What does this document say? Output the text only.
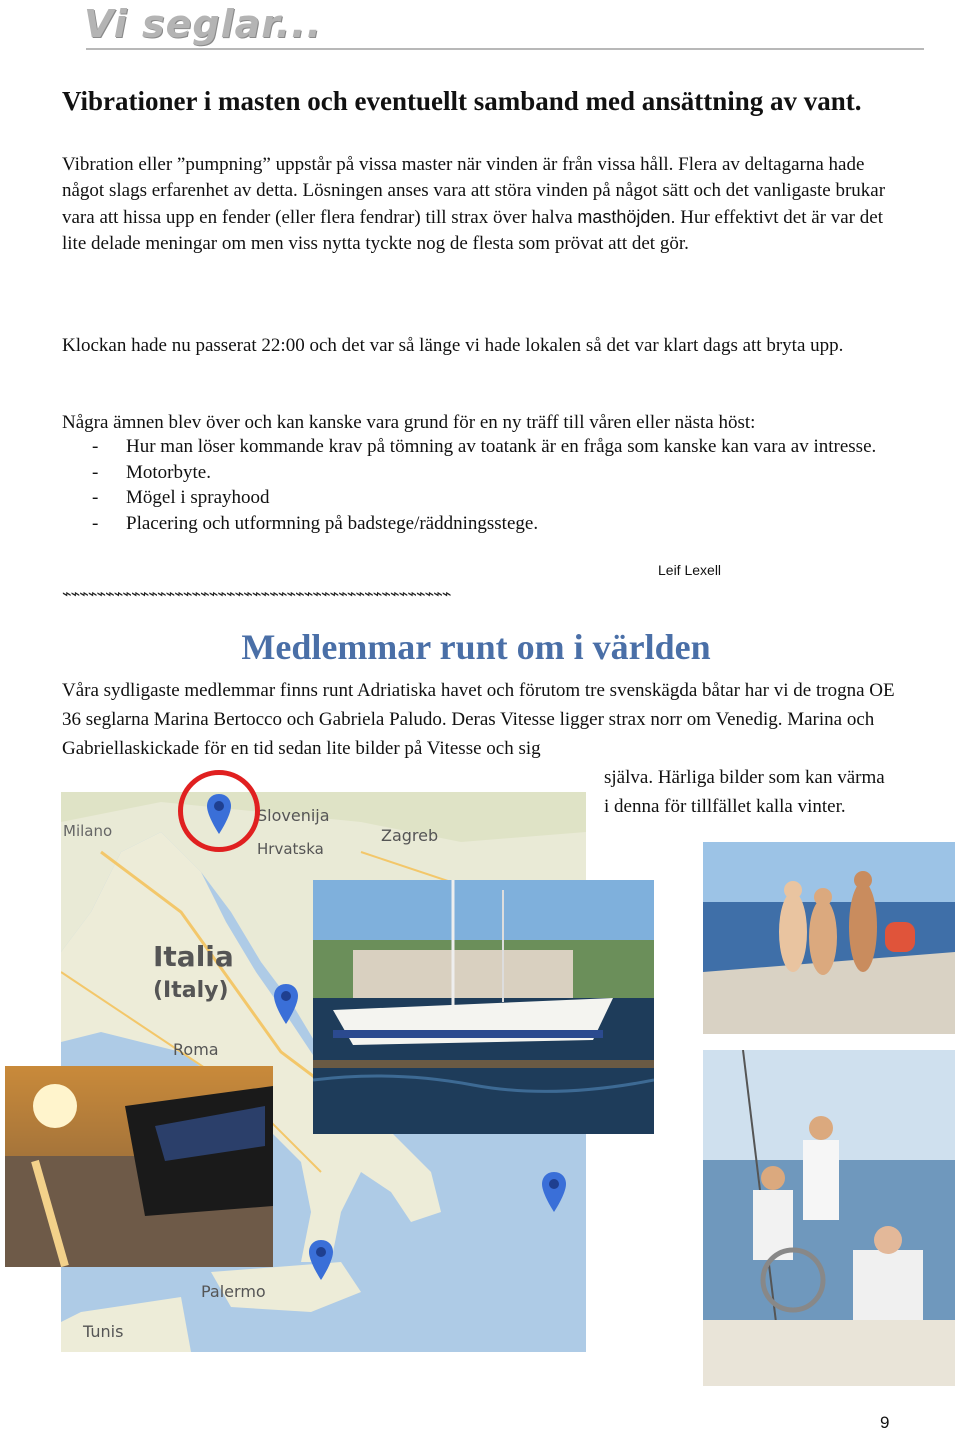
Vi seglar...
Vibrationer i masten och eventuellt samband med ansättning av vant.
Vibration eller ”pumpning” uppstår på vissa master när vinden är från vissa håll. Flera av deltagarna hade något slags erfarenhet av detta. Lösningen anses vara att störa vinden på något sätt och det vanligaste brukar vara att hissa upp en fender (eller flera fendrar) till strax över halva masthöjden. Hur effektivt det är var det lite delade meningar om men viss nytta tyckte nog de flesta som prövat att det gör.
Klockan hade nu passerat 22:00 och det var så länge vi hade lokalen så det var klart dags att bryta upp.
Några ämnen blev över och kan kanske vara grund för en ny träff till våren eller nästa höst:
- Hur man löser kommande krav på tömning av toatank är en fråga som kanske kan vara av intresse.
- Motorbyte.
- Mögel i sprayhood
- Placering och utformning på badstege/räddningsstege.
Leif Lexell
⌁⌁⌁⌁⌁⌁⌁⌁⌁⌁⌁⌁⌁⌁⌁⌁⌁⌁⌁⌁⌁⌁⌁⌁⌁⌁⌁⌁⌁⌁⌁⌁⌁⌁⌁⌁⌁⌁⌁⌁⌁⌁⌁⌁⌁
Medlemmar runt om i världen
Våra sydligaste medlemmar finns runt Adriatiska havet och förutom tre svenskägda båtar har vi de trogna OE 36 seglarna Marina Bertocco och Gabriela Paludo. Deras Vitesse ligger strax norr om Venedig. Marina och Gabriellaskickade för en tid sedan lite bilder på Vitesse och sig
själva. Härliga bilder som kan värma i denna för tillfället kalla vinter.
Slovenija
Zagreb
Milano
Hrvatska
Italia
(Italy)
Roma
Palermo
Tunis
9
